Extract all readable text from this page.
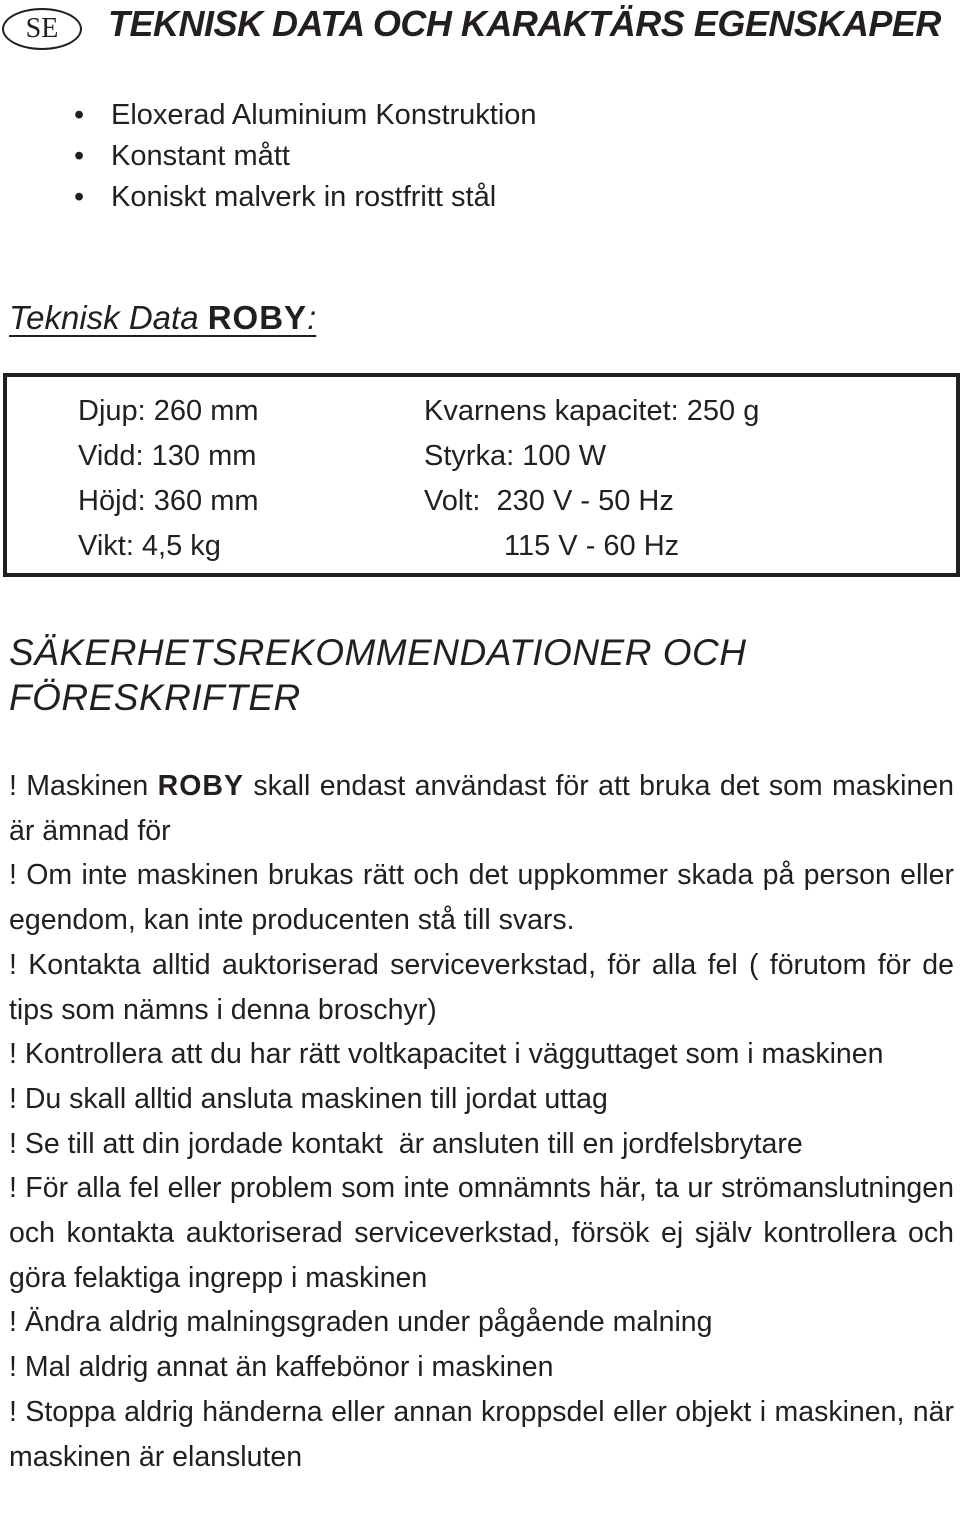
SE	TEKNISK DATA OCH KARAKTÄRS EGENSKAPER
• Eloxerad Aluminium Konstruktion
• Konstant mått
• Koniskt malverk in rostfritt stål
Teknisk Data ROBY:
Djup: 260 mm
Vidd: 130 mm
Höjd: 360 mm
Vikt: 4,5 kg
Kvarnens kapacitet: 250 g
Styrka: 100 W
Volt:  230 V - 50 Hz
115 V - 60 Hz
SÄKERHETSREKOMMENDATIONER OCH
FÖRESKRIFTER
! Maskinen ROBY skall endast användast för att bruka det som maskinen är ämnad för
! Om inte maskinen brukas rätt och det uppkommer skada på person eller egendom, kan inte producenten stå till svars.
! Kontakta alltid auktoriserad serviceverkstad, för alla fel ( förutom för de tips som nämns i denna broschyr)
! Kontrollera att du har rätt voltkapacitet i vägguttaget som i maskinen
! Du skall alltid ansluta maskinen till jordat uttag
! Se till att din jordade kontakt  är ansluten till en jordfelsbrytare
! För alla fel eller problem som inte omnämnts här, ta ur strömanslutningen och kontakta auktoriserad serviceverkstad, försök ej själv kontrollera och göra felaktiga ingrepp i maskinen
! Ändra aldrig malningsgraden under pågående malning
! Mal aldrig annat än kaffebönor i maskinen
! Stoppa aldrig händerna eller annan kroppsdel eller objekt i maskinen, när maskinen är elansluten
